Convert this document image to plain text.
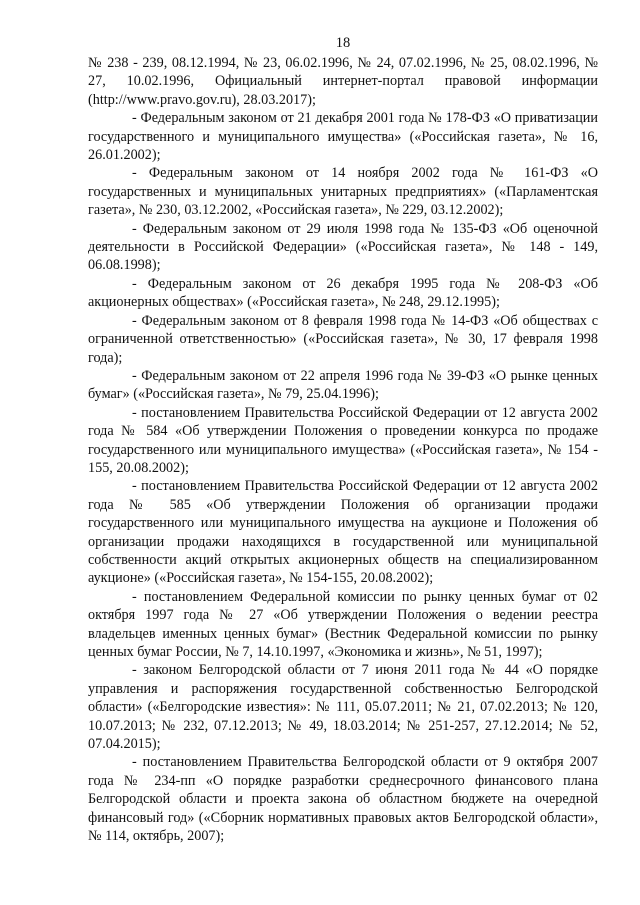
18

№ 238 - 239, 08.12.1994, № 23, 06.02.1996, № 24, 07.02.1996, № 25, 08.02.1996, № 27, 10.02.1996, Официальный интернет-портал правовой информации (http://www.pravo.gov.ru), 28.03.2017);

- Федеральным законом от 21 декабря 2001 года № 178-ФЗ «О приватизации государственного и муниципального имущества» («Российская газета», № 16, 26.01.2002);

- Федеральным законом от 14 ноября 2002 года № 161-ФЗ «О государственных и муниципальных унитарных предприятиях» («Парламентская газета», № 230, 03.12.2002, «Российская газета», № 229, 03.12.2002);

- Федеральным законом от 29 июля 1998 года № 135-ФЗ «Об оценочной деятельности в Российской Федерации» («Российская газета», № 148 - 149, 06.08.1998);

- Федеральным законом от 26 декабря 1995 года № 208-ФЗ «Об акционерных обществах» («Российская газета», № 248, 29.12.1995);

- Федеральным законом от 8 февраля 1998 года № 14-ФЗ «Об обществах с ограниченной ответственностью» («Российская газета», № 30, 17 февраля 1998 года);

- Федеральным законом от 22 апреля 1996 года № 39-ФЗ «О рынке ценных бумаг» («Российская газета», № 79, 25.04.1996);

- постановлением Правительства Российской Федерации от 12 августа 2002 года № 584 «Об утверждении Положения о проведении конкурса по продаже государственного или муниципального имущества» («Российская газета», № 154 - 155, 20.08.2002);

- постановлением Правительства Российской Федерации от 12 августа 2002 года № 585 «Об утверждении Положения об организации продажи государственного или муниципального имущества на аукционе и Положения об организации продажи находящихся в государственной или муниципальной собственности акций открытых акционерных обществ на специализированном аукционе» («Российская газета», № 154-155, 20.08.2002);

- постановлением Федеральной комиссии по рынку ценных бумаг от 02 октября 1997 года № 27 «Об утверждении Положения о ведении реестра владельцев именных ценных бумаг» (Вестник Федеральной комиссии по рынку ценных бумаг России, № 7, 14.10.1997, «Экономика и жизнь», № 51, 1997);

- законом Белгородской области от 7 июня 2011 года № 44 «О порядке управления и распоряжения государственной собственностью Белгородской области» («Белгородские известия»: № 111, 05.07.2011; № 21, 07.02.2013; № 120, 10.07.2013; № 232, 07.12.2013; № 49, 18.03.2014; № 251-257, 27.12.2014; № 52, 07.04.2015);

- постановлением Правительства Белгородской области от 9 октября 2007 года № 234-пп «О порядке разработки среднесрочного финансового плана Белгородской области и проекта закона об областном бюджете на очередной финансовый год» («Сборник нормативных правовых актов Белгородской области», № 114, октябрь, 2007);
